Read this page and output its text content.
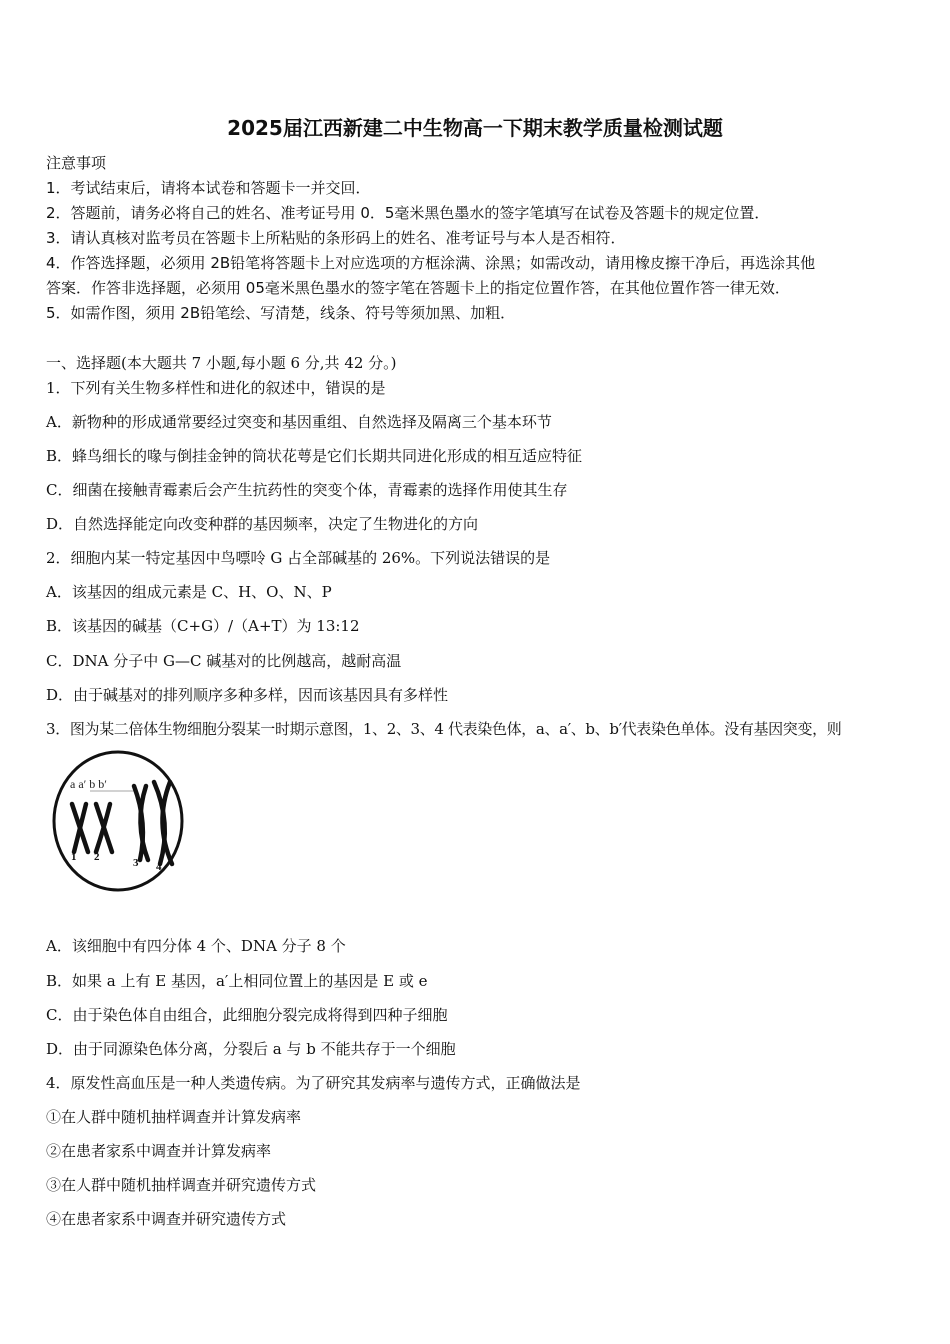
2025届江西新建二中生物高一下期末教学质量检测试题
注意事项
1．考试结束后，请将本试卷和答题卡一并交回．
2．答题前，请务必将自己的姓名、准考证号用 0．5毫米黑色墨水的签字笔填写在试卷及答题卡的规定位置．
3．请认真核对监考员在答题卡上所粘贴的条形码上的姓名、准考证号与本人是否相符．
4．作答选择题，必须用 2B铅笔将答题卡上对应选项的方框涂满、涂黑；如需改动，请用橡皮擦干净后，再选涂其他
答案．作答非选择题，必须用 05毫米黑色墨水的签字笔在答题卡上的指定位置作答，在其他位置作答一律无效．
5．如需作图，须用 2B铅笔绘、写清楚，线条、符号等须加黑、加粗．
一、选择题(本大题共 7 小题,每小题 6 分,共 42 分。)
1．下列有关生物多样性和进化的叙述中，错误的是
A．新物种的形成通常要经过突变和基因重组、自然选择及隔离三个基本环节
B．蜂鸟细长的喙与倒挂金钟的筒状花萼是它们长期共同进化形成的相互适应特征
C．细菌在接触青霉素后会产生抗药性的突变个体，青霉素的选择作用使其生存
D．自然选择能定向改变种群的基因频率，决定了生物进化的方向
2．细胞内某一特定基因中鸟嘌呤 G 占全部碱基的 26%。下列说法错误的是
A．该基因的组成元素是 C、H、O、N、P
B．该基因的碱基（C+G）/（A+T）为 13:12
C．DNA 分子中 G—C 碱基对的比例越高，越耐高温
D．由于碱基对的排列顺序多种多样，因而该基因具有多样性
3．图为某二倍体生物细胞分裂某一时期示意图，1、2、3、4 代表染色体，a、a′、b、b′代表染色单体。没有基因突变，则
a a′ b b′
1 2	3 4
A．该细胞中有四分体 4 个、DNA 分子 8 个
B．如果 a 上有 E 基因，a′上相同位置上的基因是 E 或 e
C．由于染色体自由组合，此细胞分裂完成将得到四种子细胞
D．由于同源染色体分离，分裂后 a 与 b 不能共存于一个细胞
4．原发性高血压是一种人类遗传病。为了研究其发病率与遗传方式，正确做法是
①在人群中随机抽样调查并计算发病率
②在患者家系中调查并计算发病率
③在人群中随机抽样调查并研究遗传方式
④在患者家系中调查并研究遗传方式
